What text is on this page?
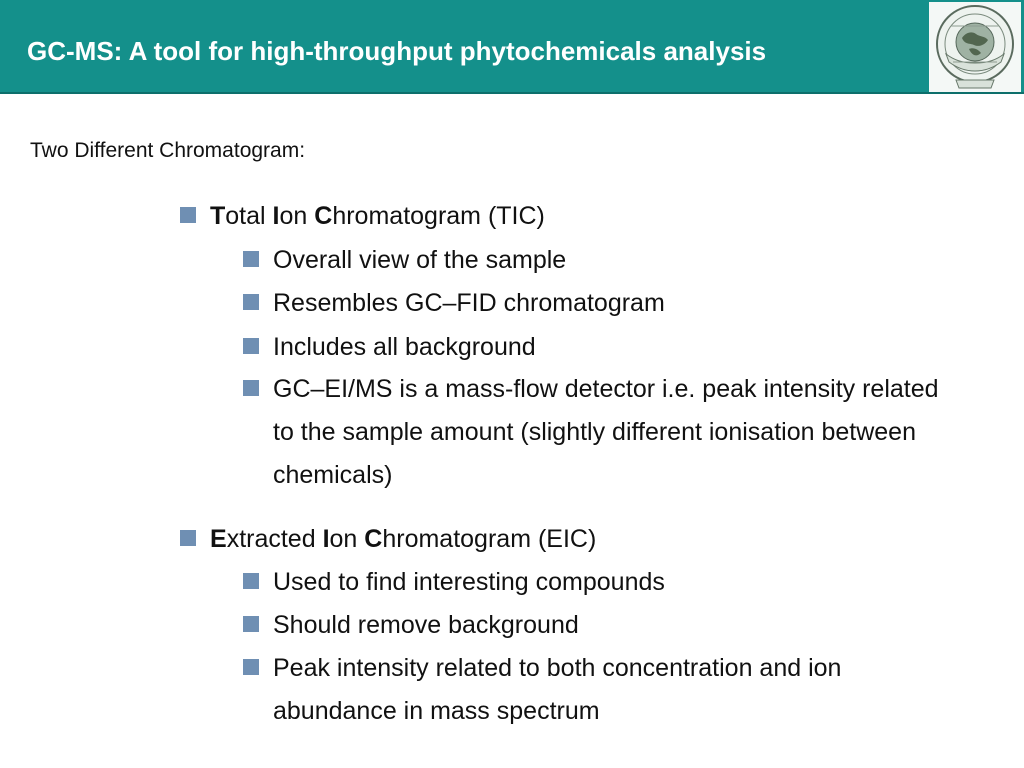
GC-MS: A tool for high-throughput phytochemicals analysis

Two Different Chromatogram:

Total Ion Chromatogram (TIC)

Overall view of the sample

Resembles GC–FID chromatogram

Includes all background

GC–EI/MS is a mass-flow detector i.e. peak intensity related to the sample amount (slightly different ionisation between chemicals)

Extracted Ion Chromatogram (EIC)

Used to find interesting compounds

Should remove background

Peak intensity related to both concentration and ion abundance in mass spectrum
